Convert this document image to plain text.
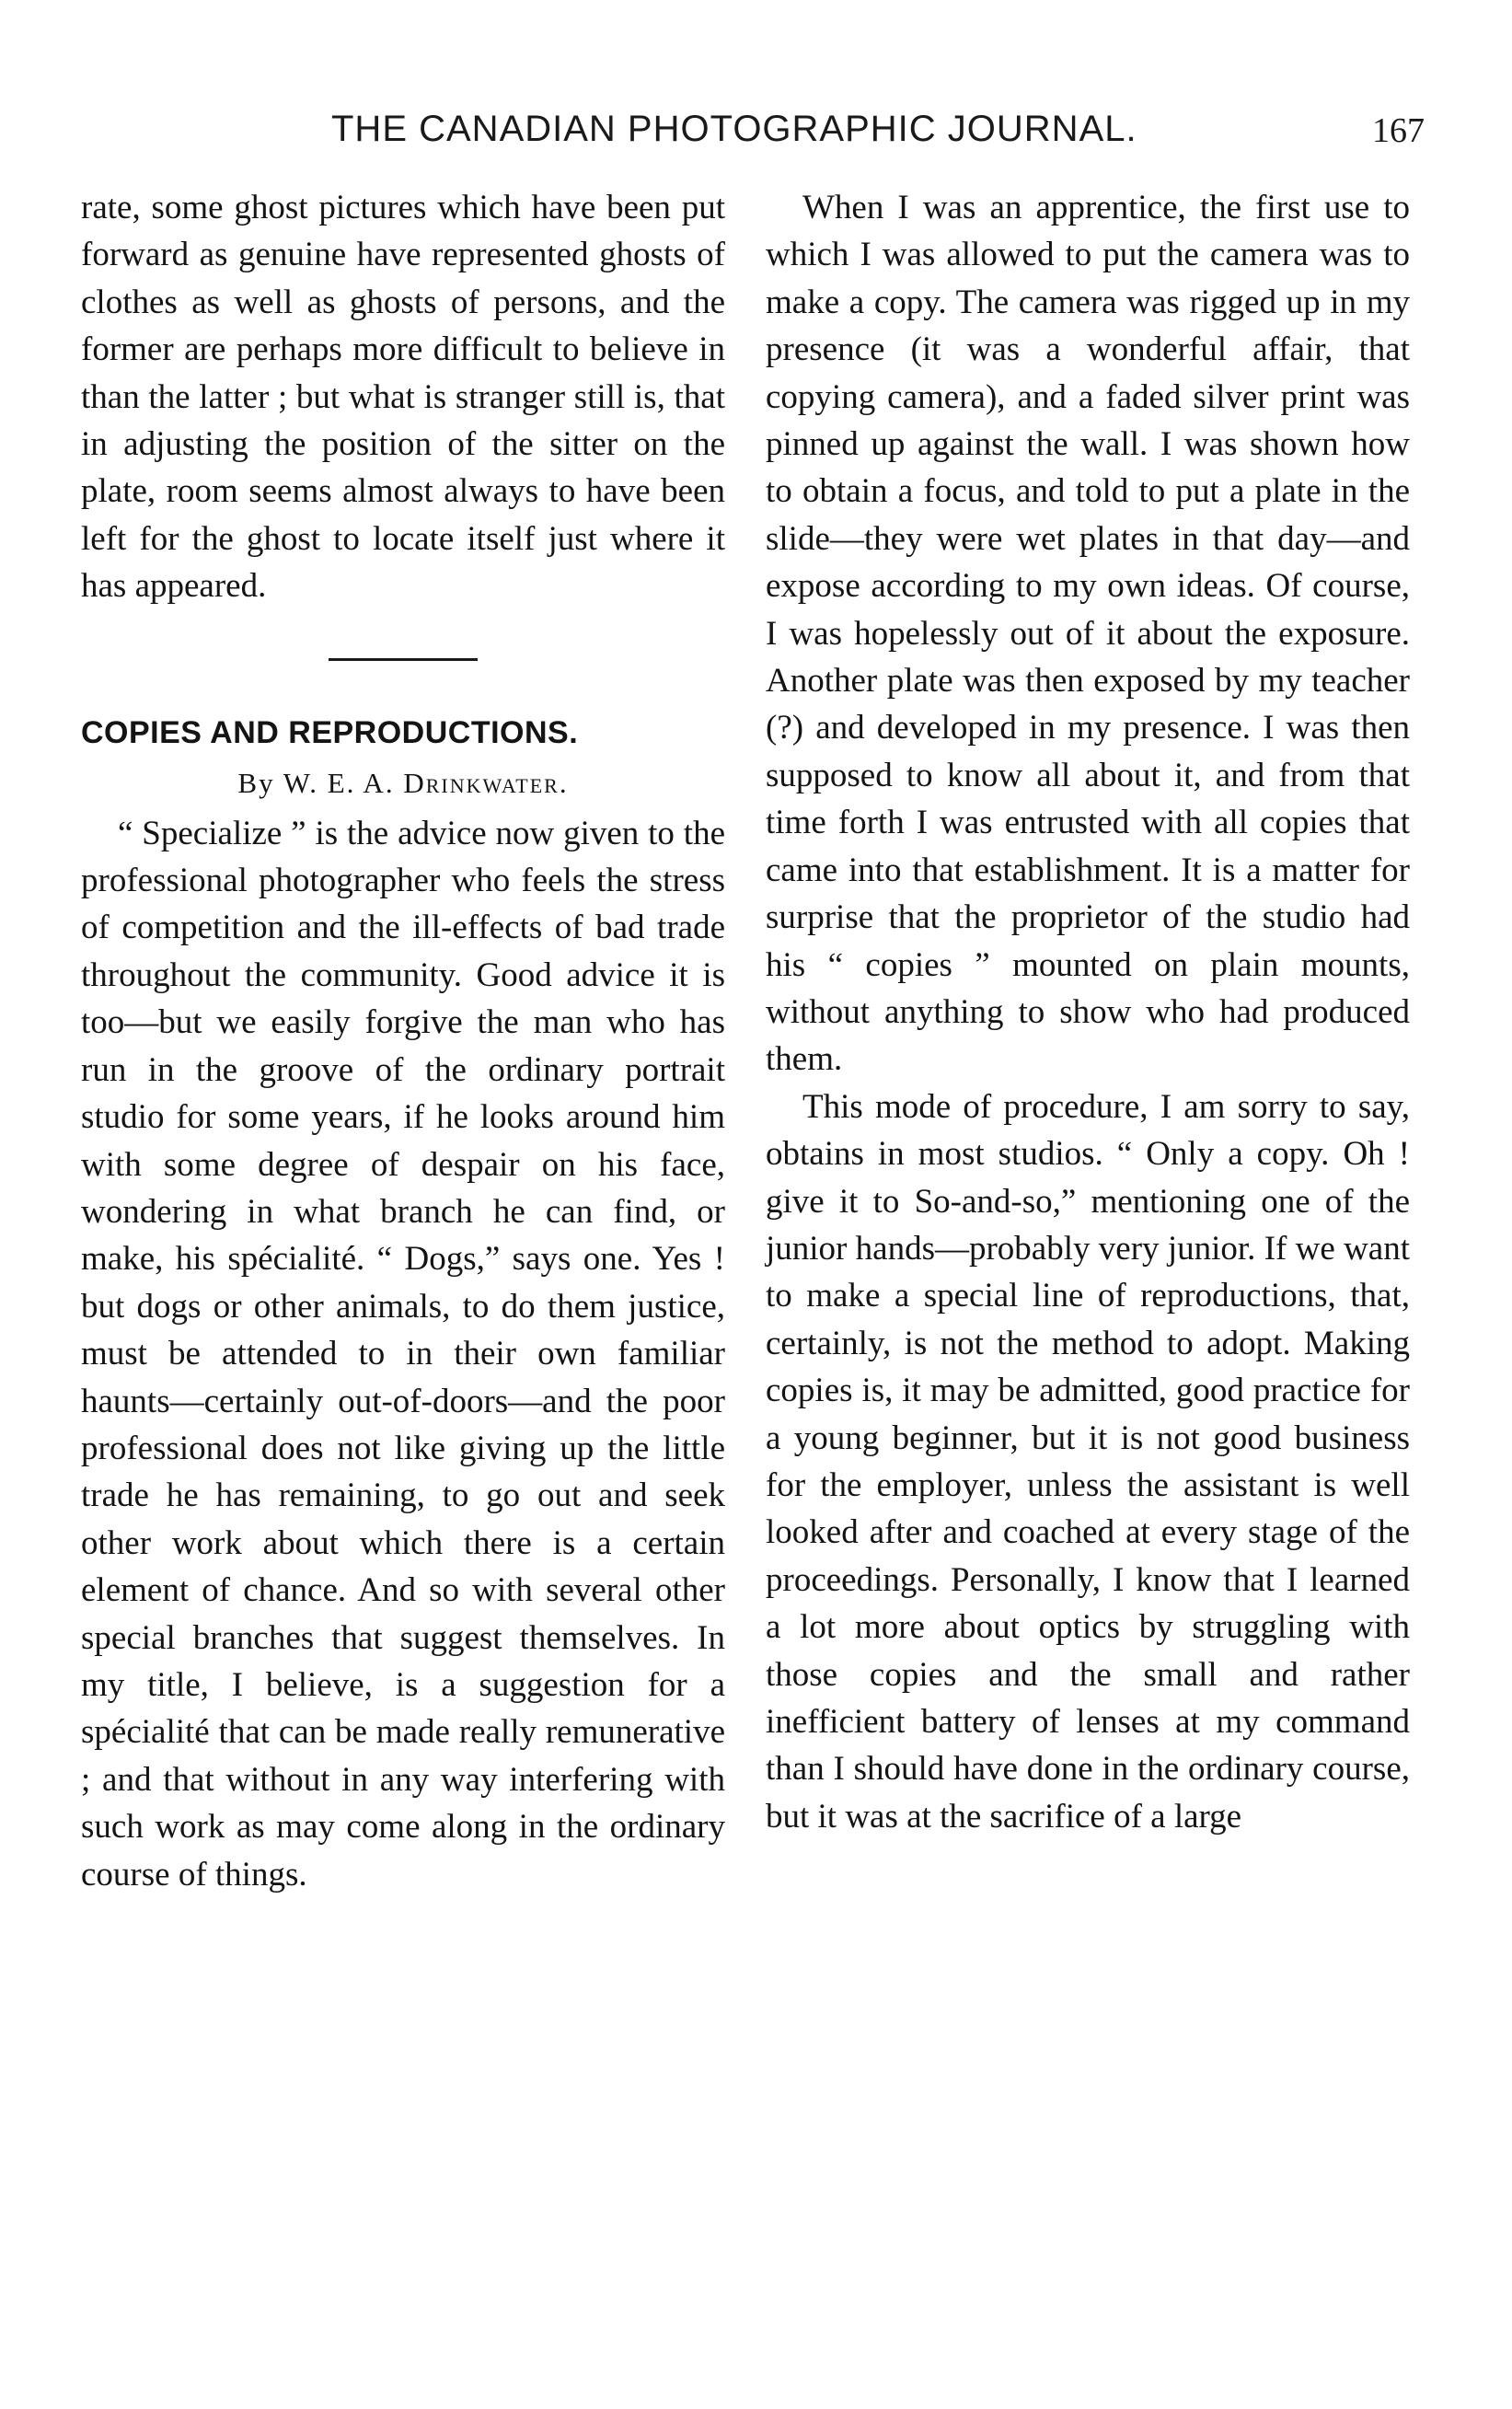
THE CANADIAN PHOTOGRAPHIC JOURNAL.	167

rate, some ghost pictures which have been put forward as genuine have represented ghosts of clothes as well as ghosts of persons, and the former are perhaps more difficult to believe in than the latter ; but what is stranger still is, that in adjusting the position of the sitter on the plate, room seems almost always to have been left for the ghost to locate itself just where it has appeared.

COPIES AND REPRODUCTIONS.
By W. E. A. Drinkwater.

“ Specialize ” is the advice now given to the professional photographer who feels the stress of competition and the ill-effects of bad trade throughout the community. Good advice it is too—but we easily forgive the man who has run in the groove of the ordinary portrait studio for some years, if he looks around him with some degree of despair on his face, wondering in what branch he can find, or make, his spécialité. “ Dogs,” says one. Yes ! but dogs or other animals, to do them justice, must be attended to in their own familiar haunts—certainly out-of-doors—and the poor professional does not like giving up the little trade he has remaining, to go out and seek other work about which there is a certain element of chance. And so with several other special branches that suggest themselves. In my title, I believe, is a suggestion for a spécialité that can be made really remunerative ; and that without in any way interfering with such work as may come along in the ordinary course of things.

When I was an apprentice, the first use to which I was allowed to put the camera was to make a copy. The camera was rigged up in my presence (it was a wonderful affair, that copying camera), and a faded silver print was pinned up against the wall. I was shown how to obtain a focus, and told to put a plate in the slide—they were wet plates in that day—and expose according to my own ideas. Of course, I was hopelessly out of it about the exposure. Another plate was then exposed by my teacher (?) and developed in my presence. I was then supposed to know all about it, and from that time forth I was entrusted with all copies that came into that establishment. It is a matter for surprise that the proprietor of the studio had his “ copies ” mounted on plain mounts, without anything to show who had produced them.

This mode of procedure, I am sorry to say, obtains in most studios. “ Only a copy. Oh ! give it to So-and-so,” mentioning one of the junior hands—probably very junior. If we want to make a special line of reproductions, that, certainly, is not the method to adopt. Making copies is, it may be admitted, good practice for a young beginner, but it is not good business for the employer, unless the assistant is well looked after and coached at every stage of the proceedings. Personally, I know that I learned a lot more about optics by struggling with those copies and the small and rather inefficient battery of lenses at my command than I should have done in the ordinary course, but it was at the sacrifice of a large
